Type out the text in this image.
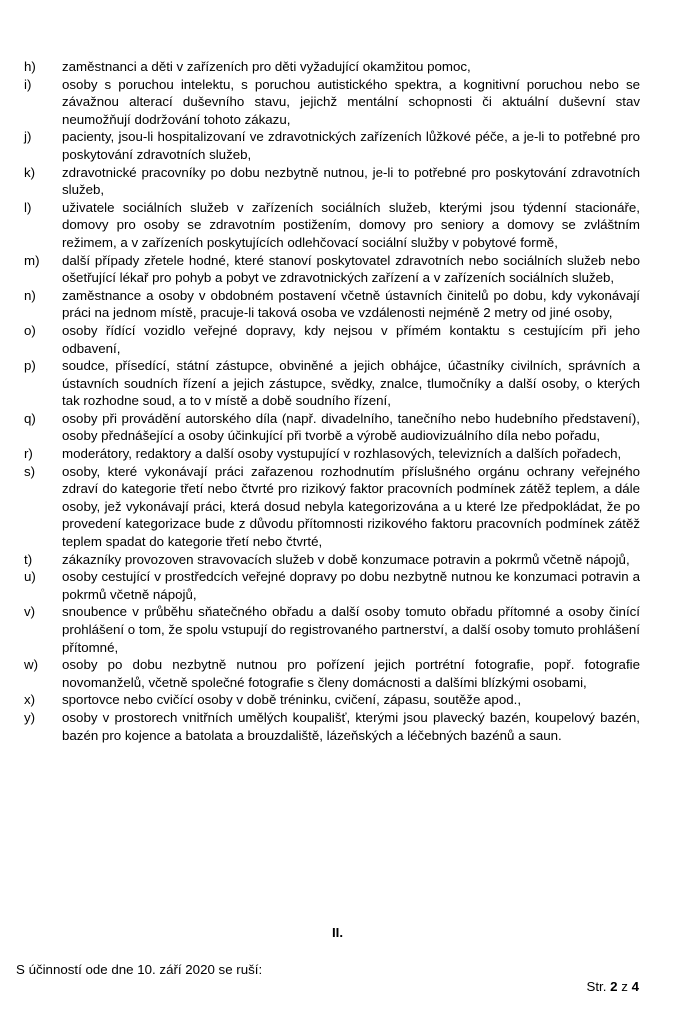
h) zaměstnanci a děti v zařízeních pro děti vyžadující okamžitou pomoc,
i) osoby s poruchou intelektu, s poruchou autistického spektra, a kognitivní poruchou nebo se závažnou alterací duševního stavu, jejichž mentální schopnosti či aktuální duševní stav neumožňují dodržování tohoto zákazu,
j) pacienty, jsou-li hospitalizovaní ve zdravotnických zařízeních lůžkové péče, a je-li to potřebné pro poskytování zdravotních služeb,
k) zdravotnické pracovníky po dobu nezbytně nutnou, je-li to potřebné pro poskytování zdravotních služeb,
l) uživatele sociálních služeb v zařízeních sociálních služeb, kterými jsou týdenní stacionáře, domovy pro osoby se zdravotním postižením, domovy pro seniory a domovy se zvláštním režimem, a v zařízeních poskytujících odlehčovací sociální služby v pobytové formě,
m) další případy zřetele hodné, které stanoví poskytovatel zdravotních nebo sociálních služeb nebo ošetřující lékař pro pohyb a pobyt ve zdravotnických zařízení a v zařízeních sociálních služeb,
n) zaměstnance a osoby v obdobném postavení včetně ústavních činitelů po dobu, kdy vykonávají práci na jednom místě, pracuje-li taková osoba ve vzdálenosti nejméně 2 metry od jiné osoby,
o) osoby řídící vozidlo veřejné dopravy, kdy nejsou v přímém kontaktu s cestujícím při jeho odbavení,
p) soudce, přísedící, státní zástupce, obviněné a jejich obhájce, účastníky civilních, správních a ústavních soudních řízení a jejich zástupce, svědky, znalce, tlumočníky a další osoby, o kterých tak rozhodne soud, a to v místě a době soudního řízení,
q) osoby při provádění autorského díla (např. divadelního, tanečního nebo hudebního představení), osoby přednášející a osoby účinkující při tvorbě a výrobě audiovizuálního díla nebo pořadu,
r) moderátory, redaktory a další osoby vystupující v rozhlasových, televizních a dalších pořadech,
s) osoby, které vykonávají práci zařazenou rozhodnutím příslušného orgánu ochrany veřejného zdraví do kategorie třetí nebo čtvrté pro rizikový faktor pracovních podmínek zátěž teplem, a dále osoby, jež vykonávají práci, která dosud nebyla kategorizována a u které lze předpokládat, že po provedení kategorizace bude z důvodu přítomnosti rizikového faktoru pracovních podmínek zátěž teplem spadat do kategorie třetí nebo čtvrté,
t) zákazníky provozoven stravovacích služeb v době konzumace potravin a pokrmů včetně nápojů,
u) osoby cestující v prostředcích veřejné dopravy po dobu nezbytně nutnou ke konzumaci potravin a pokrmů včetně nápojů,
v) snoubence v průběhu sňatečného obřadu a další osoby tomuto obřadu přítomné a osoby činící prohlášení o tom, že spolu vstupují do registrovaného partnerství, a další osoby tomuto prohlášení přítomné,
w) osoby po dobu nezbytně nutnou pro pořízení jejich portrétní fotografie, popř. fotografie novomanželů, včetně společné fotografie s členy domácnosti a dalšími blízkými osobami,
x) sportovce nebo cvičící osoby v době tréninku, cvičení, zápasu, soutěže apod.,
y) osoby v prostorech vnitřních umělých koupališť, kterými jsou plavecký bazén, koupelový bazén, bazén pro kojence a batolata a brouzdaliště, lázeňských a léčebných bazénů a saun.
II.
S účinností ode dne 10. září 2020 se ruší:
Str. 2 z 4
